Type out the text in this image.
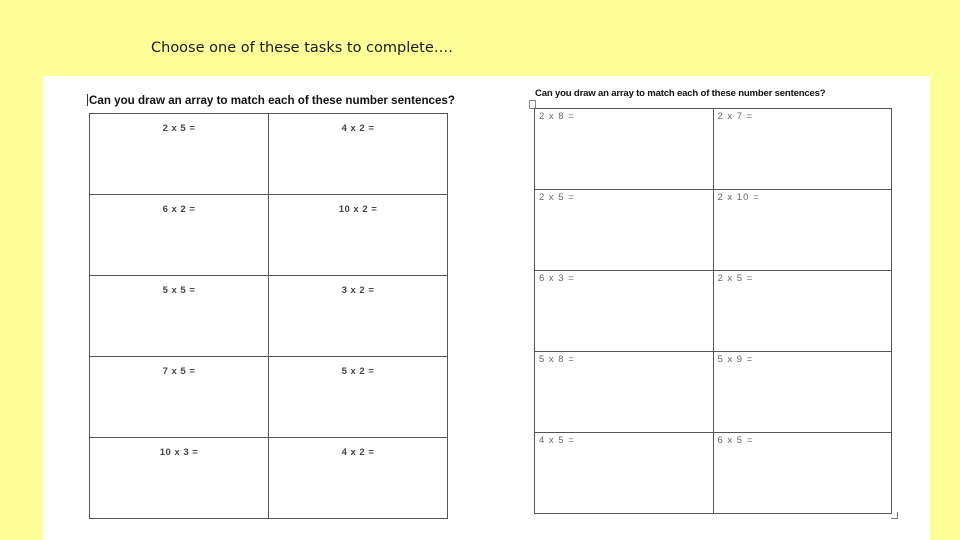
Choose one of these tasks to complete….
Can you draw an array to match each of these number sentences?
2 x 5 =	4 x 2 =
6 x 2 =	10 x 2 =
5 x 5 =	3 x 2 =
7 x 5 =	5 x 2 =
10 x 3 =	4 x 2 =
Can you draw an array to match each of these number sentences?
2 x 8 =	2 x 7 =
2 x 5 =	2 x 10 =
6 x 3 =	2 x 5 =
5 x 8 =	5 x 9 =
4 x 5 =	6 x 5 =
